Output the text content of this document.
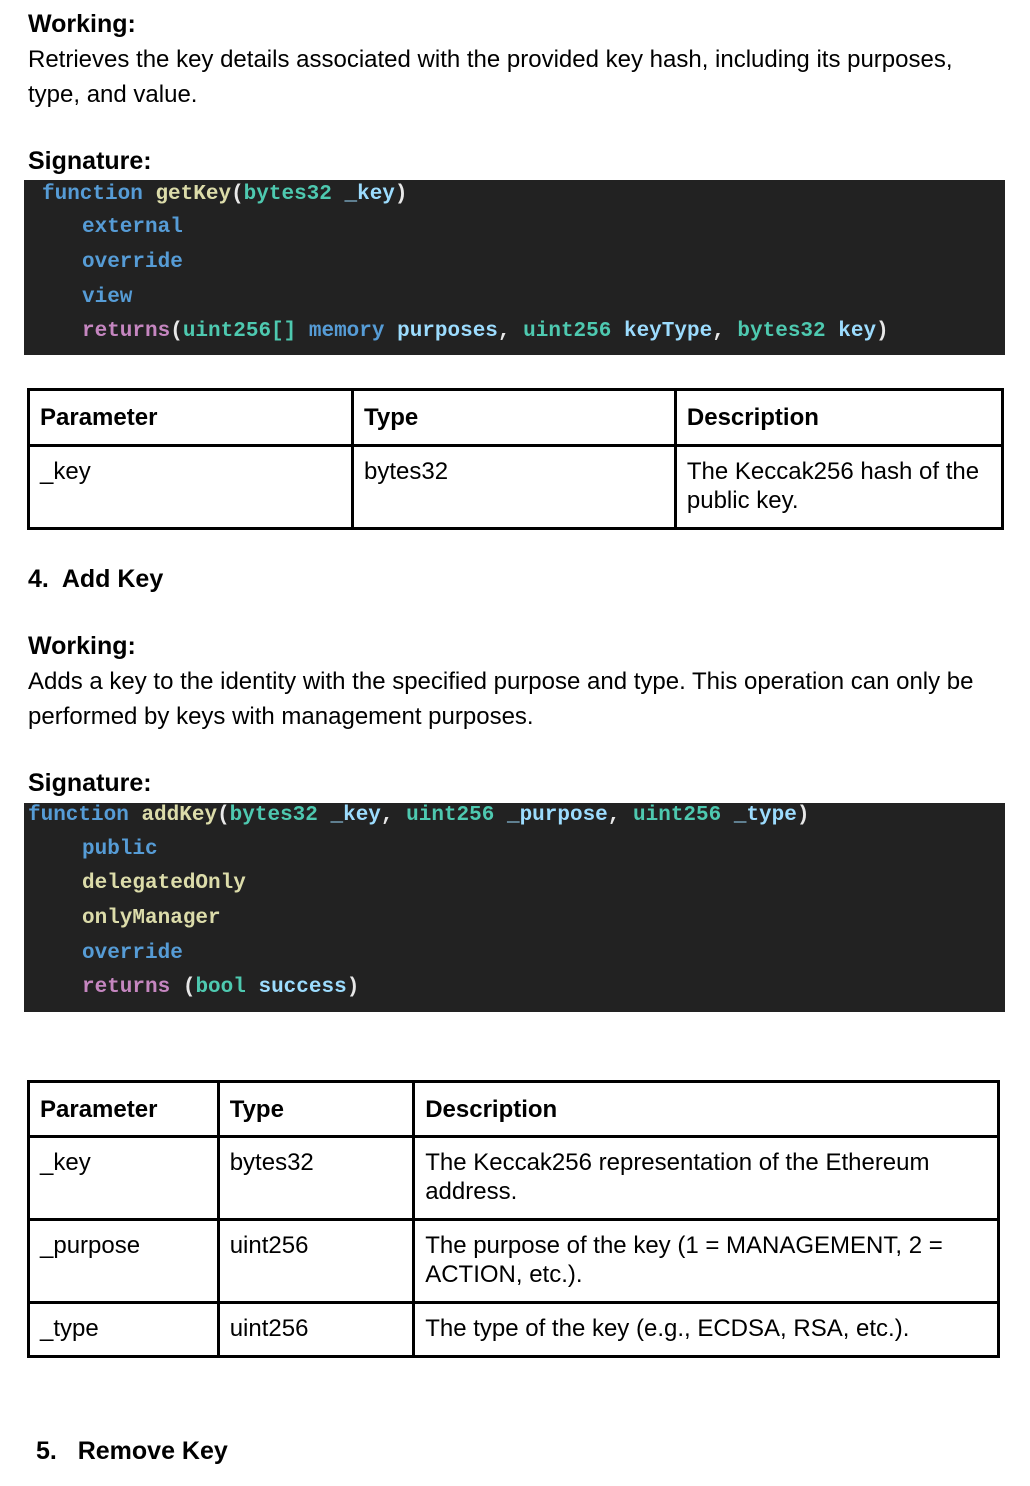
Working:
Retrieves the key details associated with the provided key hash, including its purposes, type, and value.
Signature:
function getKey(bytes32 _key)
external
override
view
returns(uint256[] memory purposes, uint256 keyType, bytes32 key)
Parameter	Type	Description
_key	bytes32	The Keccak256 hash of the public key.
4. Add Key
Working:
Adds a key to the identity with the specified purpose and type. This operation can only be performed by keys with management purposes.
Signature:
function addKey(bytes32 _key, uint256 _purpose, uint256 _type)
public
delegatedOnly
onlyManager
override
returns (bool success)
Parameter	Type	Description
_key	bytes32	The Keccak256 representation of the Ethereum address.
_purpose	uint256	The purpose of the key (1 = MANAGEMENT, 2 = ACTION, etc.).
_type	uint256	The type of the key (e.g., ECDSA, RSA, etc.).
5. Remove Key
